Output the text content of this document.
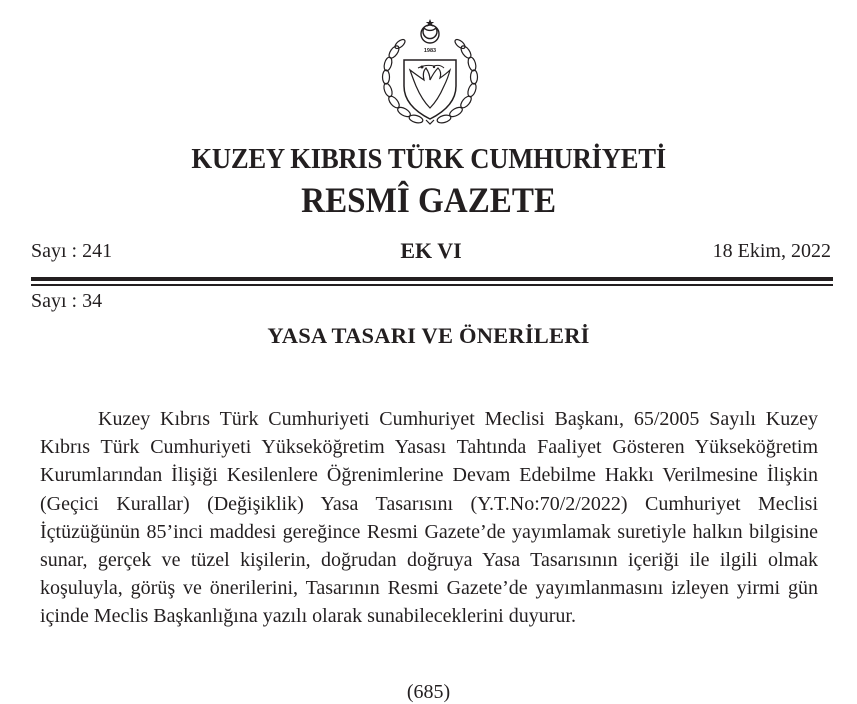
1983
KUZEY KIBRIS TÜRK CUMHURİYETİ
RESMÎ GAZETE
Sayı : 241	EK VI	18 Ekim, 2022
Sayı : 34
YASA TASARI VE ÖNERİLERİ

Kuzey Kıbrıs Türk Cumhuriyeti Cumhuriyet Meclisi Başkanı, 65/2005 Sayılı Kuzey Kıbrıs Türk Cumhuriyeti Yükseköğretim Yasası Tahtında Faaliyet Gösteren Yükseköğretim Kurumlarından İlişiği Kesilenlere Öğrenimlerine Devam Edebilme Hakkı Verilmesine İlişkin (Geçici Kurallar) (Değişiklik) Yasa Tasarısını (Y.T.No:70/2/2022) Cumhuriyet Meclisi İçtüzüğünün 85’inci maddesi gereğince Resmi Gazete’de yayımlamak suretiyle halkın bilgisine sunar, gerçek ve tüzel kişilerin, doğrudan doğruya Yasa Tasarısının içeriği ile ilgili olmak koşuluyla, görüş ve önerilerini, Tasarının Resmi Gazete’de yayımlanmasını izleyen yirmi gün içinde Meclis Başkanlığına yazılı olarak sunabileceklerini duyurur.

(685)
